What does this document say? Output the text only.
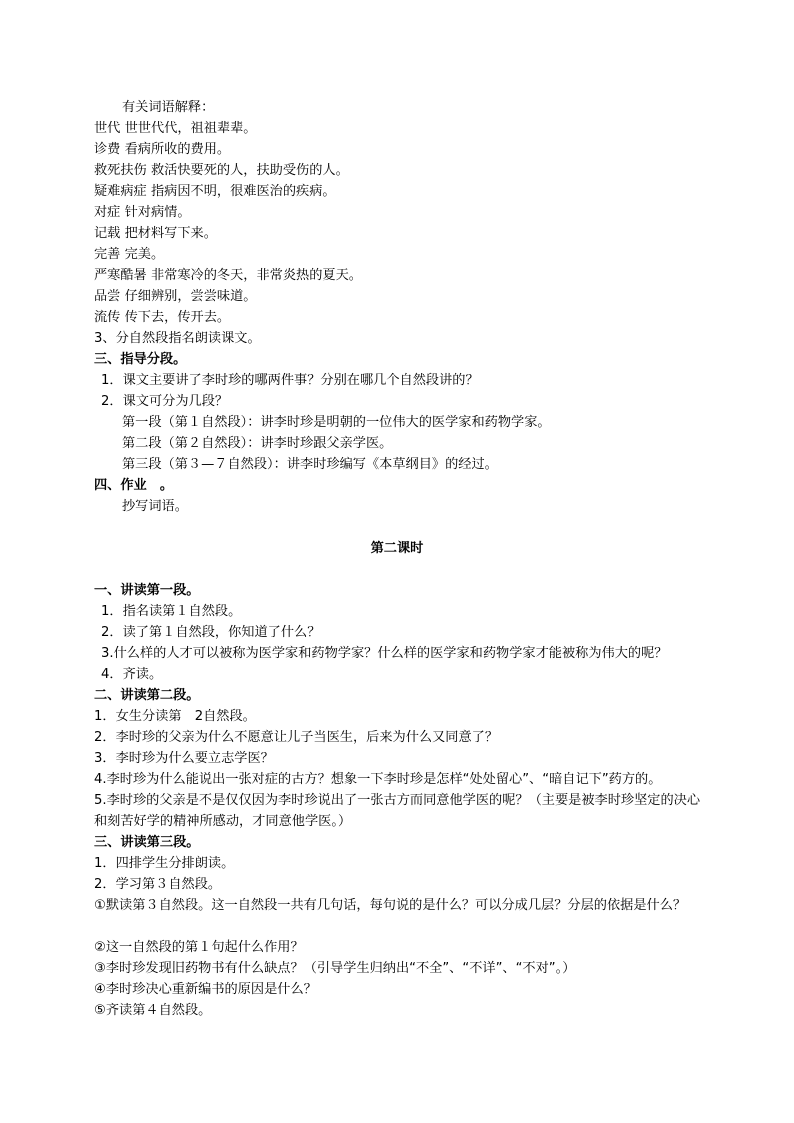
有关词语解释：
世代 世世代代，祖祖辈辈。
诊费 看病所收的费用。
救死扶伤 救活快要死的人，扶助受伤的人。
疑难病症 指病因不明，很难医治的疾病。
对症 针对病情。
记载 把材料写下来。
完善 完美。
严寒酷暑 非常寒冷的冬天，非常炎热的夏天。
品尝 仔细辨别，尝尝味道。
流传 传下去，传开去。
3、分自然段指名朗读课文。
三、指导分段。
1．课文主要讲了李时珍的哪两件事？分别在哪几个自然段讲的？
2．课文可分为几段？
第一段（第１自然段）：讲李时珍是明朝的一位伟大的医学家和药物学家。
第二段（第２自然段）：讲李时珍跟父亲学医。
第三段（第３—７自然段）：讲李时珍编写《本草纲目》的经过。
四、作业　。
抄写词语。
第二课时
一、讲读第一段。
1．指名读第１自然段。
2．读了第１自然段，你知道了什么？
3.什么样的人才可以被称为医学家和药物学家？什么样的医学家和药物学家才能被称为伟大的呢？
4．齐读。
二、讲读第二段。
1．女生分读第　2自然段。
2．李时珍的父亲为什么不愿意让儿子当医生，后来为什么又同意了？
3．李时珍为什么要立志学医？
4.李时珍为什么能说出一张对症的古方？想象一下李时珍是怎样“处处留心”、“暗自记下”药方的。
5.李时珍的父亲是不是仅仅因为李时珍说出了一张古方而同意他学医的呢？（主要是被李时珍坚定的决心和刻苦好学的精神所感动，才同意他学医。）
三、讲读第三段。
1．四排学生分排朗读。
2．学习第３自然段。
①默读第３自然段。这一自然段一共有几句话，每句说的是什么？可以分成几层？分层的依据是什么？
②这一自然段的第１句起什么作用？
③李时珍发现旧药物书有什么缺点？（引导学生归纳出“不全”、“不详”、“不对”。）
④李时珍决心重新编书的原因是什么？
⑤齐读第４自然段。
